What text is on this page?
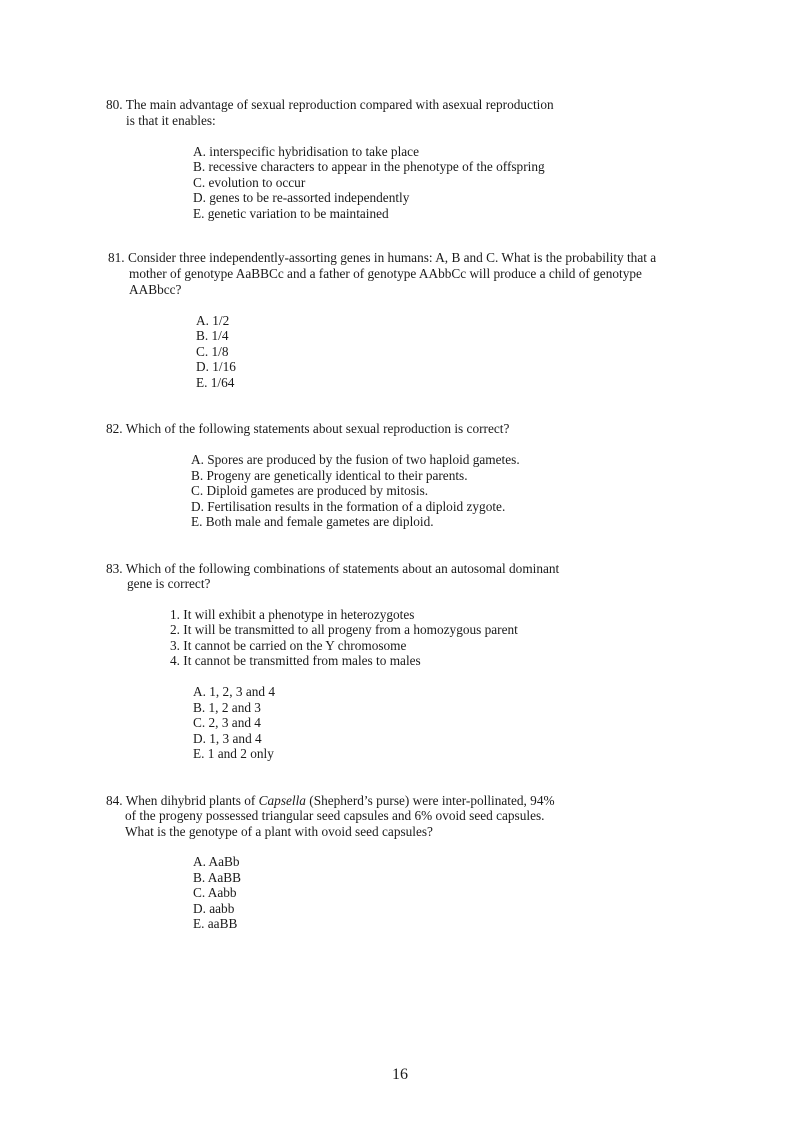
80. The main advantage of sexual reproduction compared with asexual reproduction
is that it enables:
A. interspecific hybridisation to take place
B. recessive characters to appear in the phenotype of the offspring
C. evolution to occur
D. genes to be re-assorted independently
E. genetic variation to be maintained
81. Consider three independently-assorting genes in humans: A, B and C. What is the probability that a
mother of genotype AaBBCc and a father of genotype AAbbCc will produce a child of genotype
AABbcc?
A. 1/2
B. 1/4
C. 1/8
D. 1/16
E. 1/64
82. Which of the following statements about sexual reproduction is correct?
A. Spores are produced by the fusion of two haploid gametes.
B. Progeny are genetically identical to their parents.
C. Diploid gametes are produced by mitosis.
D. Fertilisation results in the formation of a diploid zygote.
E. Both male and female gametes are diploid.
83. Which of the following combinations of statements about an autosomal dominant
gene is correct?
1. It will exhibit a phenotype in heterozygotes
2. It will be transmitted to all progeny from a homozygous parent
3. It cannot be carried on the Y chromosome
4. It cannot be transmitted from males to males
A. 1, 2, 3 and 4
B. 1, 2 and 3
C. 2, 3 and 4
D. 1, 3 and 4
E. 1 and 2 only
84. When dihybrid plants of Capsella (Shepherd’s purse) were inter-pollinated, 94%
of the progeny possessed triangular seed capsules and 6% ovoid seed capsules.
What is the genotype of a plant with ovoid seed capsules?
A. AaBb
B. AaBB
C. Aabb
D. aabb
E. aaBB
16
